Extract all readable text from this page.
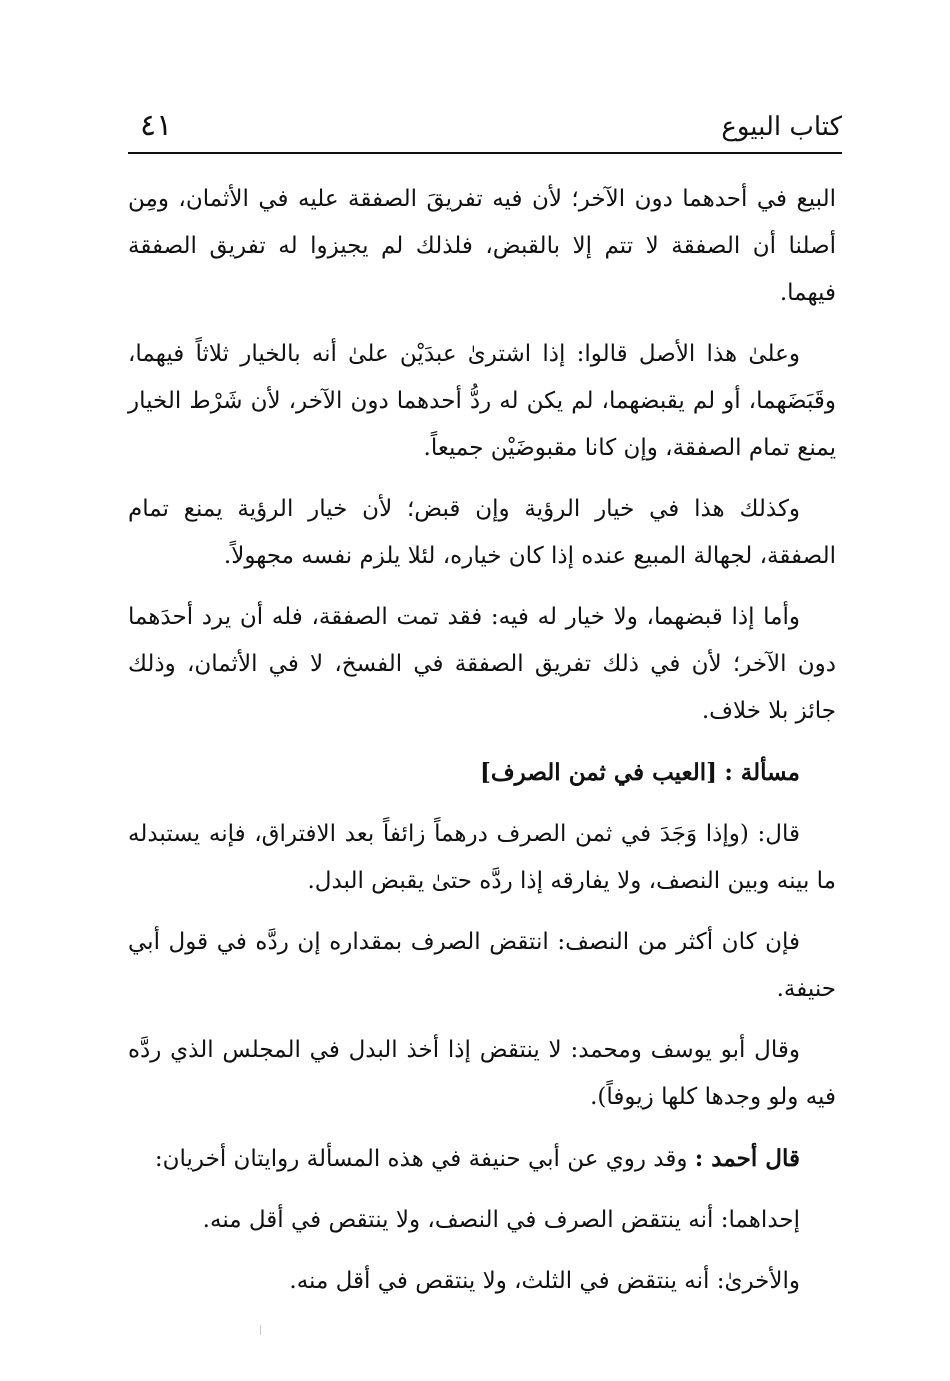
كتاب البيوع
٤١

البيع في أحدهما دون الآخر؛ لأن فيه تفريقَ الصفقة عليه في الأثمان، ومِن أصلنا أن الصفقة لا تتم إلا بالقبض، فلذلك لم يجيزوا له تفريق الصفقة فيهما.

وعلىٰ هذا الأصل قالوا: إذا اشترىٰ عبدَيْن علىٰ أنه بالخيار ثلاثاً فيهما، وقَبَضَهما، أو لم يقبضهما، لم يكن له ردُّ أحدهما دون الآخر، لأن شَرْط الخيار يمنع تمام الصفقة، وإن كانا مقبوضَيْن جميعاً.

وكذلك هذا في خيار الرؤية وإن قبض؛ لأن خيار الرؤية يمنع تمام الصفقة، لجهالة المبيع عنده إذا كان خياره، لئلا يلزم نفسه مجهولاً.

وأما إذا قبضهما، ولا خيار له فيه: فقد تمت الصفقة، فله أن يرد أحدَهما دون الآخر؛ لأن في ذلك تفريق الصفقة في الفسخ، لا في الأثمان، وذلك جائز بلا خلاف.

مسألة : [العيب في ثمن الصرف]

قال: (وإذا وَجَدَ في ثمن الصرف درهماً زائفاً بعد الافتراق، فإنه يستبدله ما بينه وبين النصف، ولا يفارقه إذا ردَّه حتىٰ يقبض البدل.

فإن كان أكثر من النصف: انتقض الصرف بمقداره إن ردَّه في قول أبي حنيفة.

وقال أبو يوسف ومحمد: لا ينتقض إذا أخذ البدل في المجلس الذي ردَّه فيه ولو وجدها كلها زيوفاً).

قال أحمد : وقد روي عن أبي حنيفة في هذه المسألة روايتان أخريان:

إحداهما: أنه ينتقض الصرف في النصف، ولا ينتقص في أقل منه.

والأخرىٰ: أنه ينتقض في الثلث، ولا ينتقص في أقل منه.
